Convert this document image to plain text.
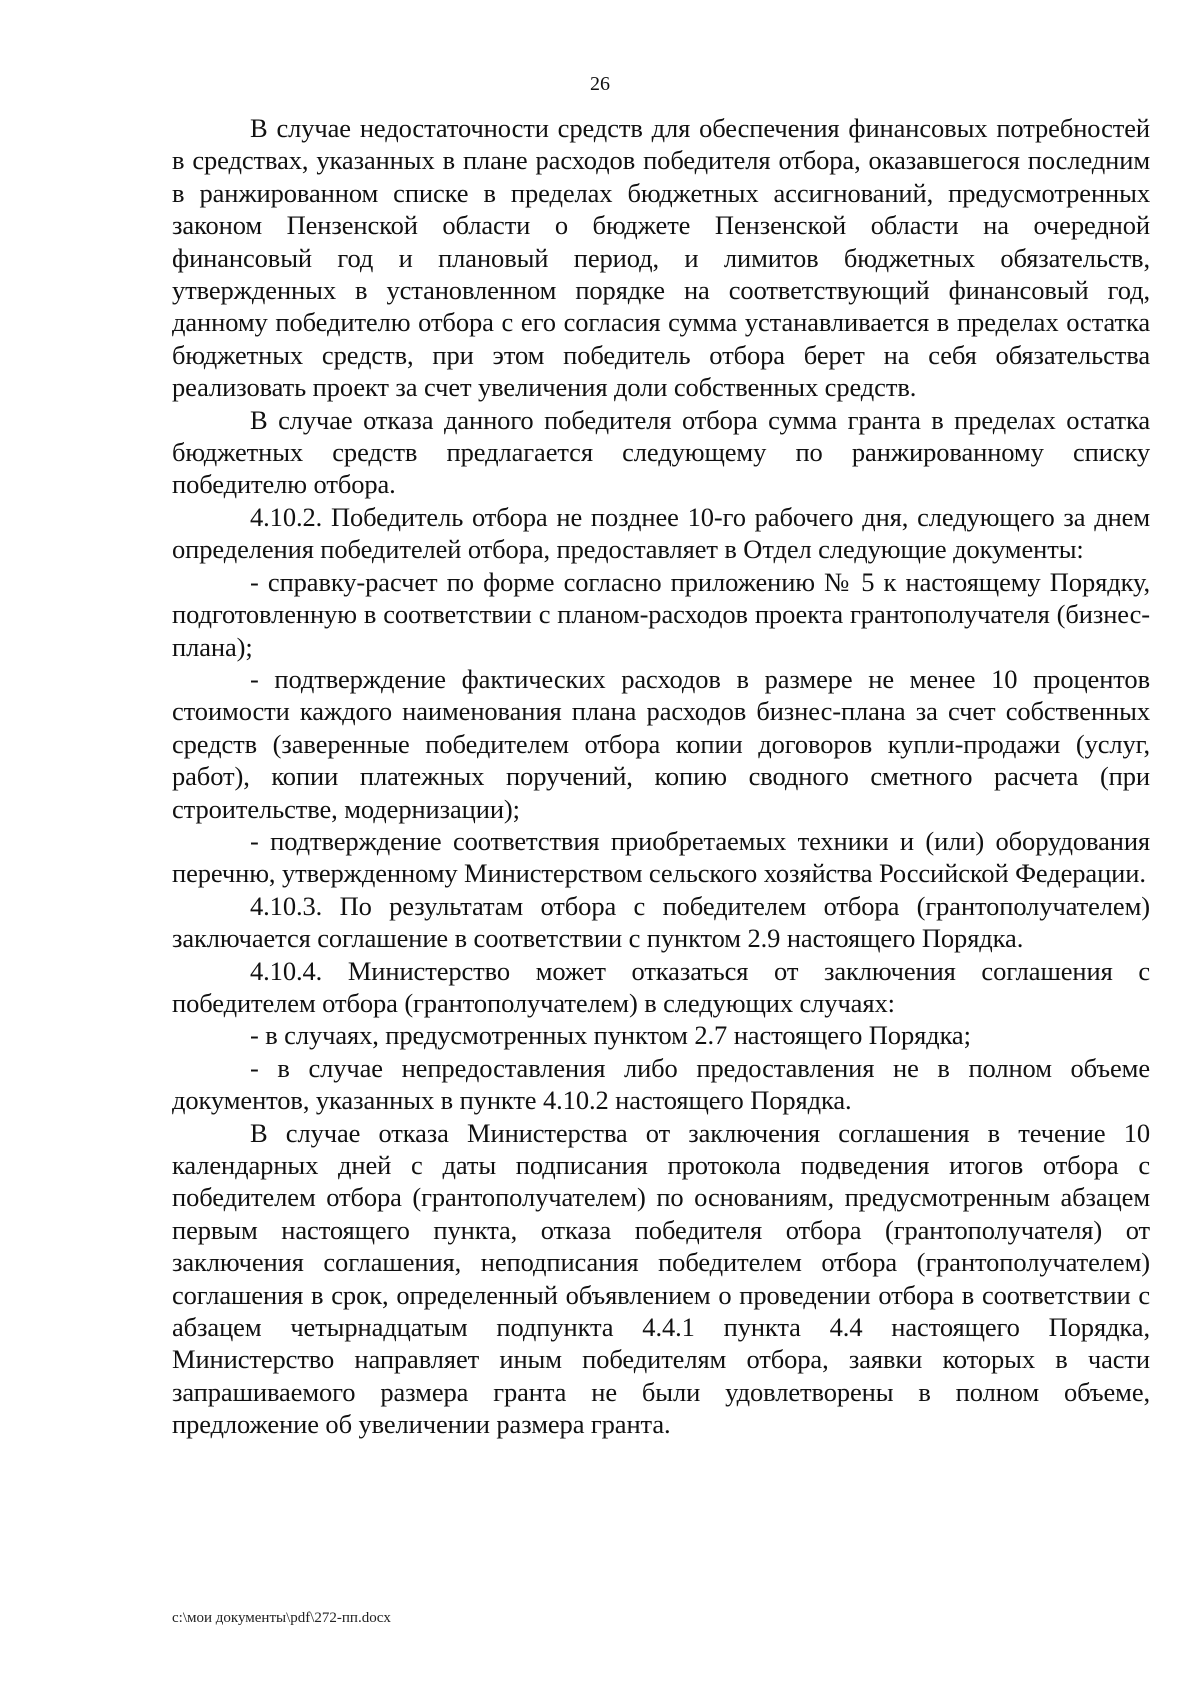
26

В случае недостаточности средств для обеспечения финансовых потребностей в средствах, указанных в плане расходов победителя отбора, оказавшегося последним в ранжированном списке в пределах бюджетных ассигнований, предусмотренных законом Пензенской области о бюджете Пензенской области на очередной финансовый год и плановый период, и лимитов бюджетных обязательств, утвержденных в установленном порядке на соответствующий финансовый год, данному победителю отбора с его согласия сумма устанавливается в пределах остатка бюджетных средств, при этом победитель отбора берет на себя обязательства реализовать проект за счет увеличения доли собственных средств.

В случае отказа данного победителя отбора сумма гранта в пределах остатка бюджетных средств предлагается следующему по ранжированному списку победителю отбора.

4.10.2. Победитель отбора не позднее 10-го рабочего дня, следующего за днем определения победителей отбора, предоставляет в Отдел следующие документы:

- справку-расчет по форме согласно приложению № 5 к настоящему Порядку, подготовленную в соответствии с планом-расходов проекта грантополучателя (бизнес-плана);

- подтверждение фактических расходов в размере не менее 10 процентов стоимости каждого наименования плана расходов бизнес-плана за счет собственных средств (заверенные победителем отбора копии договоров купли-продажи (услуг, работ), копии платежных поручений, копию сводного сметного расчета (при строительстве, модернизации);

- подтверждение соответствия приобретаемых техники и (или) оборудования перечню, утвержденному Министерством сельского хозяйства Российской Федерации.

4.10.3. По результатам отбора с победителем отбора (грантополучателем) заключается соглашение в соответствии с пунктом 2.9 настоящего Порядка.

4.10.4. Министерство может отказаться от заключения соглашения с победителем отбора (грантополучателем) в следующих случаях:

- в случаях, предусмотренных пунктом 2.7 настоящего Порядка;

- в случае непредоставления либо предоставления не в полном объеме документов, указанных в пункте 4.10.2 настоящего Порядка.

В случае отказа Министерства от заключения соглашения в течение 10 календарных дней с даты подписания протокола подведения итогов отбора с победителем отбора (грантополучателем) по основаниям, предусмотренным абзацем первым настоящего пункта, отказа победителя отбора (грантополучателя) от заключения соглашения, неподписания победителем отбора (грантополучателем) соглашения в срок, определенный объявлением о проведении отбора в соответствии с абзацем четырнадцатым подпункта 4.4.1 пункта 4.4 настоящего Порядка, Министерство направляет иным победителям отбора, заявки которых в части запрашиваемого размера гранта не были удовлетворены в полном объеме, предложение об увеличении размера гранта.

c:\мои документы\pdf\272-пп.docx
